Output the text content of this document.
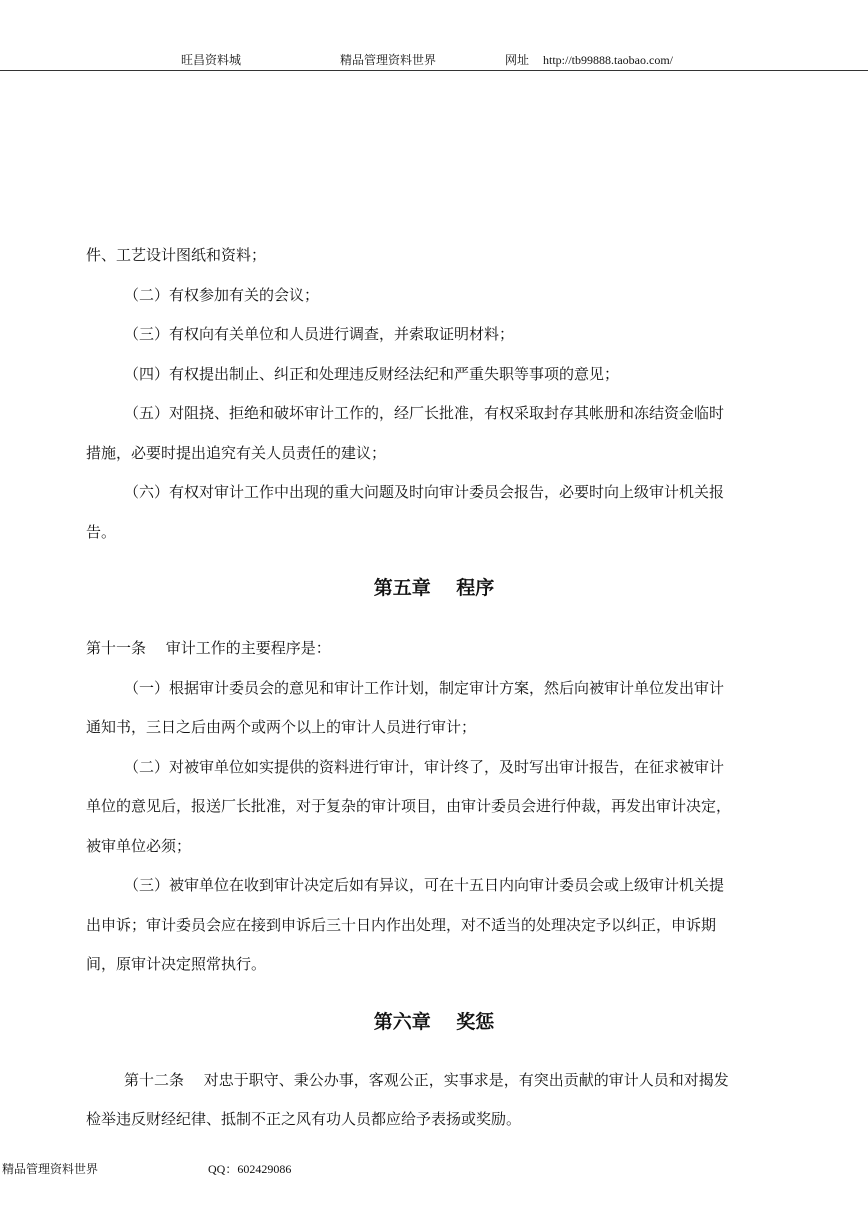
旺昌资料城	精品管理资料世界	网址 http://tb99888.taobao.com/
件、工艺设计图纸和资料；
（二）有权参加有关的会议；
（三）有权向有关单位和人员进行调查，并索取证明材料；
（四）有权提出制止、纠正和处理违反财经法纪和严重失职等事项的意见；
（五）对阻挠、拒绝和破坏审计工作的，经厂长批准，有权采取封存其帐册和冻结资金临时
措施，必要时提出追究有关人员责任的建议；
（六）有权对审计工作中出现的重大问题及时向审计委员会报告，必要时向上级审计机关报
告。
第五章　 程序
第十一条　 审计工作的主要程序是：
（一）根据审计委员会的意见和审计工作计划，制定审计方案，然后向被审计单位发出审计
通知书，三日之后由两个或两个以上的审计人员进行审计；
（二）对被审单位如实提供的资料进行审计，审计终了，及时写出审计报告，在征求被审计
单位的意见后，报送厂长批准，对于复杂的审计项目，由审计委员会进行仲裁，再发出审计决定，
被审单位必须；
（三）被审单位在收到审计决定后如有异议，可在十五日内向审计委员会或上级审计机关提
出申诉；审计委员会应在接到申诉后三十日内作出处理，对不适当的处理决定予以纠正，申诉期
间，原审计决定照常执行。
第六章　 奖惩
第十二条　 对忠于职守、秉公办事，客观公正，实事求是，有突出贡献的审计人员和对揭发
检举违反财经纪律、抵制不正之风有功人员都应给予表扬或奖励。
精品管理资料世界	QQ：602429086
